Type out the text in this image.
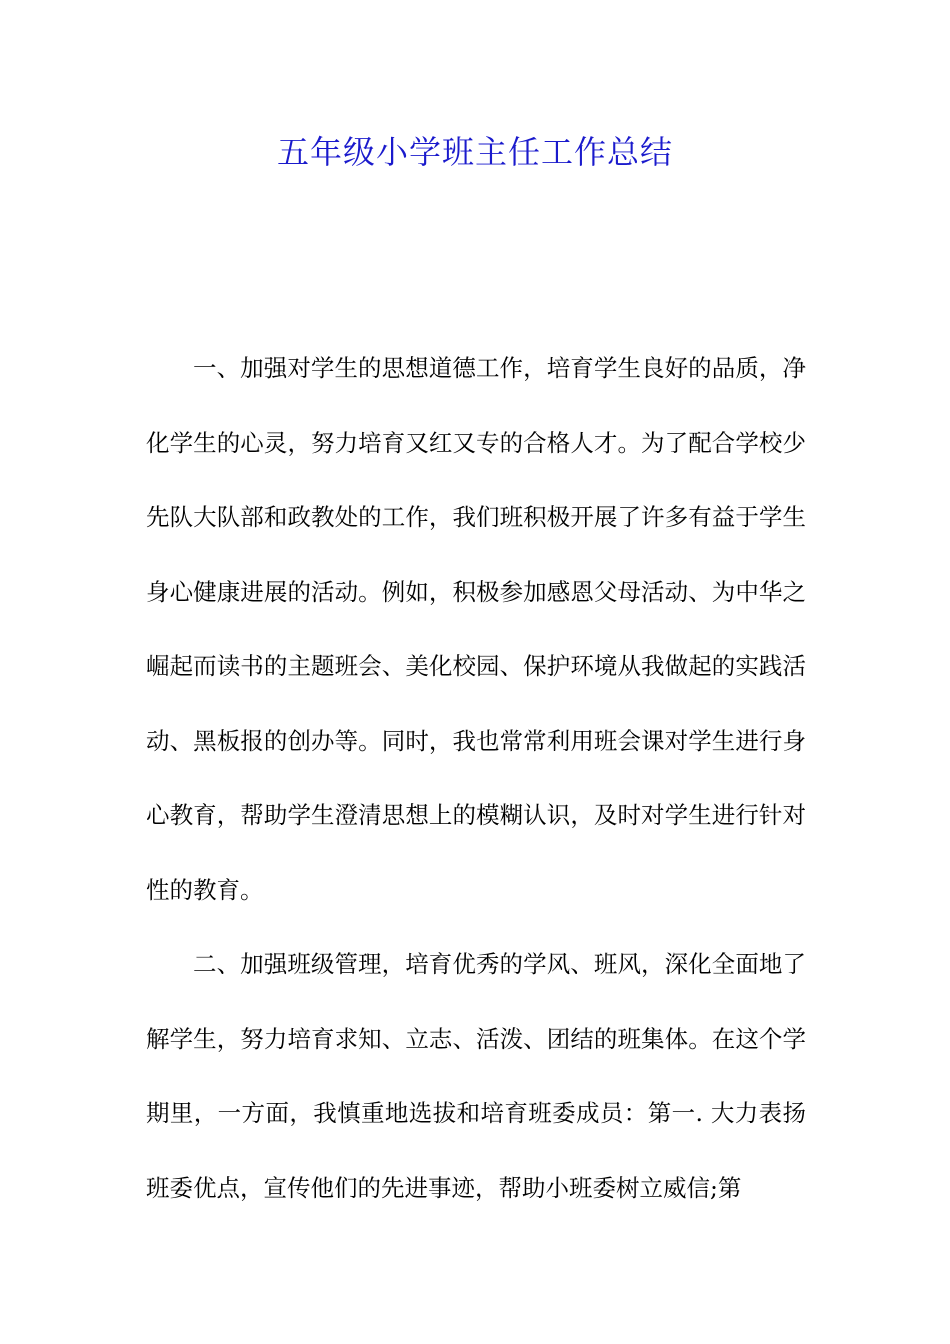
五年级小学班主任工作总结

一、加强对学生的思想道德工作，培育学生良好的品质，净化学生的心灵，努力培育又红又专的合格人才。为了配合学校少先队大队部和政教处的工作，我们班积极开展了许多有益于学生身心健康进展的活动。例如，积极参加感恩父母活动、为中华之崛起而读书的主题班会、美化校园、保护环境从我做起的实践活动、黑板报的创办等。同时，我也常常利用班会课对学生进行身心教育，帮助学生澄清思想上的模糊认识，及时对学生进行针对性的教育。

二、加强班级管理，培育优秀的学风、班风，深化全面地了解学生，努力培育求知、立志、活泼、团结的班集体。在这个学期里，一方面，我慎重地选拔和培育班委成员：第一. 大力表扬班委优点，宣传他们的先进事迹，帮助小班委树立威信;第
